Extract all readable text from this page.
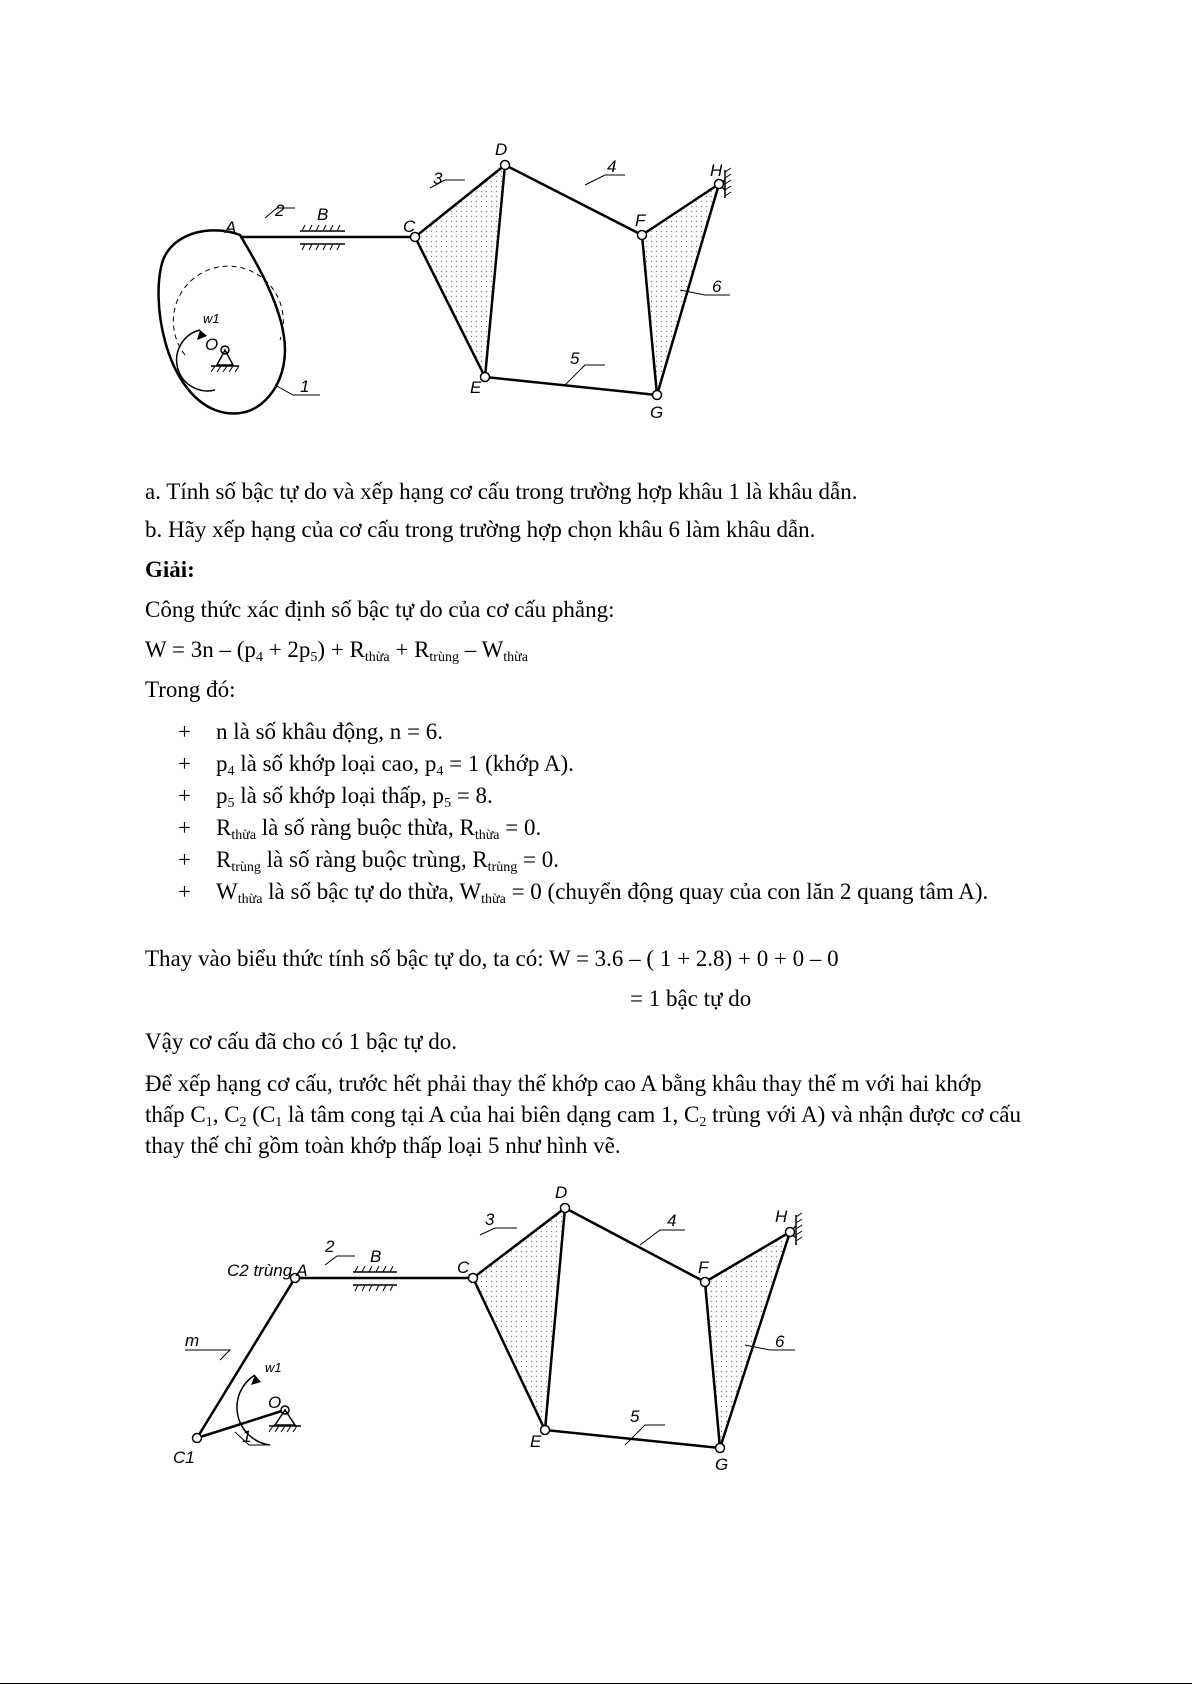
A
B
C
D
E
F
G
H
O
w1
1
2
3
4
5
6
a. Tính số bậc tự do và xếp hạng cơ cấu trong trường hợp khâu 1 là khâu dẫn.
b. Hãy xếp hạng của cơ cấu trong trường hợp chọn khâu 6 làm khâu dẫn.
Giải:
Công thức xác định số bậc tự do của cơ cấu phẳng:
$W = 3n - (p_4 + 2p_5) + R_{thừa} + R_{trùng} - W_{thừa}$
Trong đó:
+ n là số khâu động, n = 6.
+ $p_4$ là số khớp loại cao, $p_4 = 1$ (khớp A).
+ $p_5$ là số khớp loại thấp, $p_5 = 8$.
+ $R_{thừa}$ là số ràng buộc thừa, $R_{thừa} = 0$.
+ $R_{trùng}$ là số ràng buộc trùng, $R_{trùng} = 0$.
+ $W_{thừa}$ là số bậc tự do thừa, $W_{thừa} = 0$ (chuyển động quay của con lăn 2 quang tâm A).
Thay vào biểu thức tính số bậc tự do, ta có: W = 3.6 – ( 1 + 2.8) + 0 + 0 – 0
= 1 bậc tự do
Vậy cơ cấu đã cho có 1 bậc tự do.
Để xếp hạng cơ cấu, trước hết phải thay thế khớp cao A bằng khâu thay thế m với hai khớp thấp $C_1$, $C_2$ ($C_1$ là tâm cong tại A của hai biên dạng cam 1, $C_2$ trùng với A) và nhận được cơ cấu thay thế chỉ gồm toàn khớp thấp loại 5 như hình vẽ.
C2 trùng A
B
C
D
E
F
G
H
O
w1
C1
m
1
2
3	4
5
6
